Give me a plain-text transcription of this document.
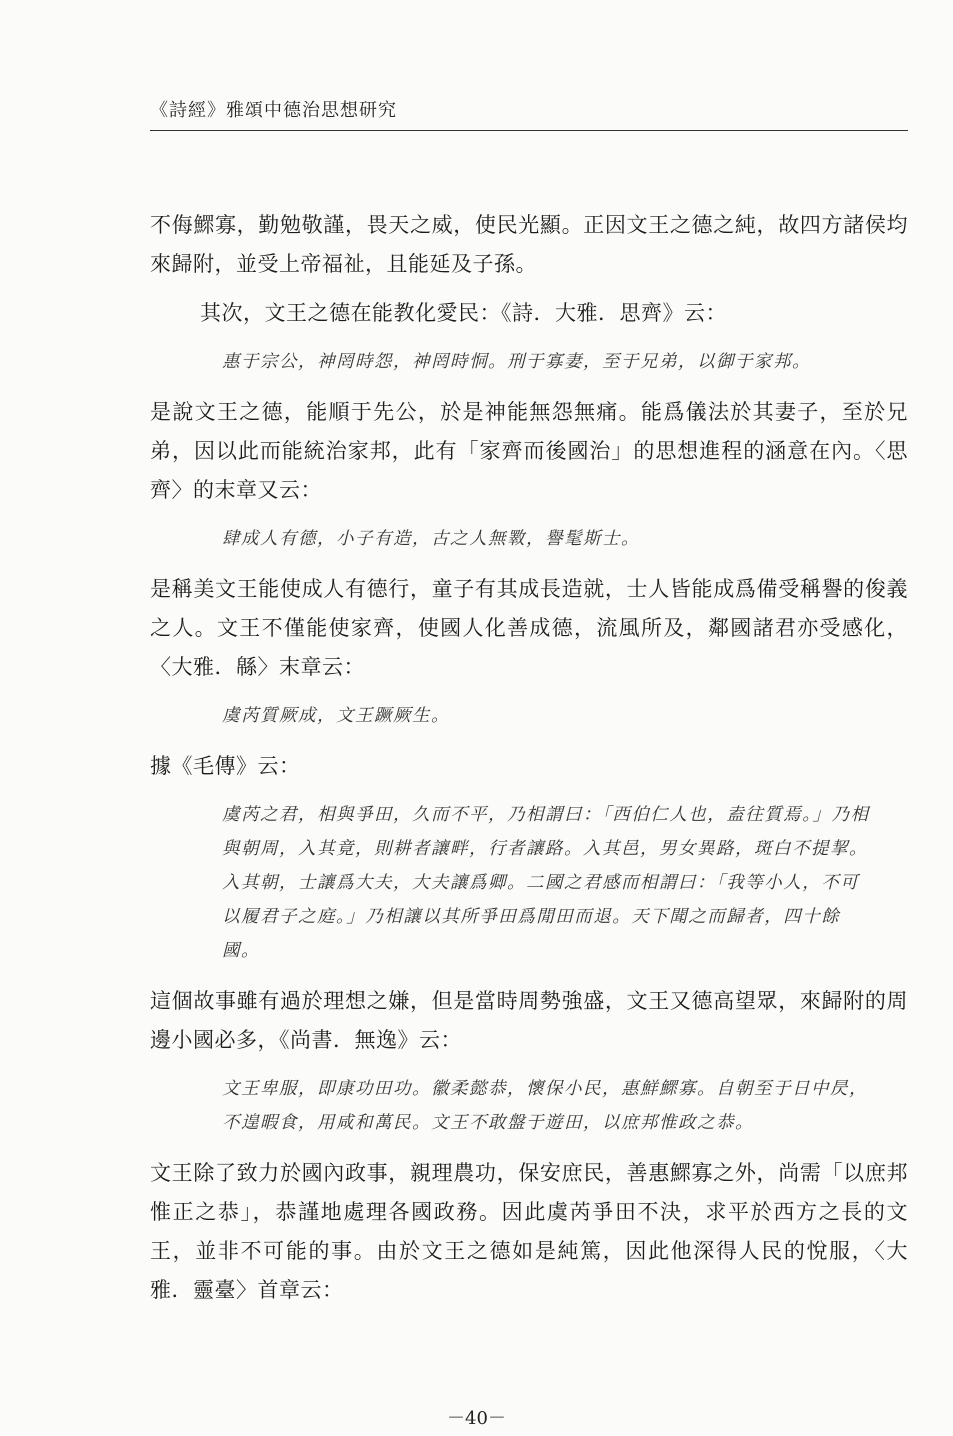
《詩經》雅頌中德治思想研究

不侮鰥寡，勤勉敬謹，畏天之威，使民光顯。正因文王之德之純，故四方諸侯均來歸附，並受上帝福祉，且能延及子孫。

其次，文王之德在能教化愛民：《詩．大雅．思齊》云：

惠于宗公，神罔時怨，神罔時恫。刑于寡妻，至于兄弟，以御于家邦。

是說文王之德，能順于先公，於是神能無怨無痛。能爲儀法於其妻子，至於兄弟，因以此而能統治家邦，此有「家齊而後國治」的思想進程的涵意在內。〈思齊〉的末章又云：

肆成人有德，小子有造，古之人無斁，譽髦斯士。

是稱美文王能使成人有德行，童子有其成長造就，士人皆能成爲備受稱譽的俊義之人。文王不僅能使家齊，使國人化善成德，流風所及，鄰國諸君亦受感化，〈大雅．緜〉末章云：

虞芮質厥成，文王蹶厥生。

據《毛傳》云：

虞芮之君，相與爭田，久而不平，乃相謂曰：「西伯仁人也，盍往質焉。」乃相與朝周，入其竟，則耕者讓畔，行者讓路。入其邑，男女異路，斑白不提挈。入其朝，士讓爲大夫，大夫讓爲卿。二國之君感而相謂曰：「我等小人，不可以履君子之庭。」乃相讓以其所爭田爲閒田而退。天下聞之而歸者，四十餘國。

這個故事雖有過於理想之嫌，但是當時周勢強盛，文王又德高望眾，來歸附的周邊小國必多，《尚書．無逸》云：

文王卑服，即康功田功。徽柔懿恭，懷保小民，惠鮮鰥寡。自朝至于日中昃，不遑暇食，用咸和萬民。文王不敢盤于遊田，以庶邦惟政之恭。

文王除了致力於國內政事，親理農功，保安庶民，善惠鰥寡之外，尚需「以庶邦惟正之恭」，恭謹地處理各國政務。因此虞芮爭田不決，求平於西方之長的文王，並非不可能的事。由於文王之德如是純篤，因此他深得人民的悅服，〈大雅．靈臺〉首章云：

－40－
